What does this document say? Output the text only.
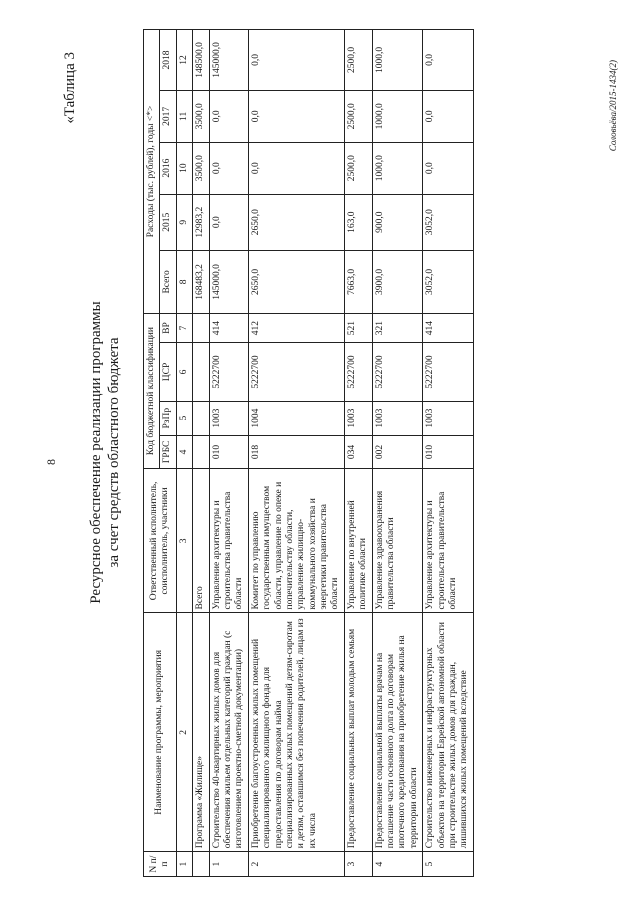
8
«Таблица 3
Ресурсное обеспечение реализации программы за счет средств областного бюджета
N п/п	Наименование программы, мероприятия	Ответственный исполнитель, соисполнитель, участники	Код бюджетной классификации				Расходы (тыс. рублей), годы <*>				
			ГРБС	РзПр	ЦСР	ВР	Всего	2015	2016	2017	2018
1	2	3	4	5	6	7	8	9	10	11	12
	Программа «Жилище»	Всего					168483,2	12983,2	3500,0	3500,0	148500,0
1	Строительство 40-квартирных жилых домов для обеспечения жильем отдельных категорий граждан (с изготовлением проектно-сметной документации)	Управление архитектуры и строительства правительства области	010	1003	5222700	414	145000,0	0,0	0,0	0,0	145000,0
2	Приобретение благоустроенных жилых помещений специализированного жилищного фонда для предоставления по договорам найма специализированных жилых помещений детям-сиротам и детям, оставшимся без попечения родителей, лицам из их числа	Комитет по управлению государственным имуществом области, управление по опеке и попечительству области, управление жилищно-коммунального хозяйства и энергетики правительства области	018	1004	5222700	412	2650,0	2650,0	0,0	0,0	0,0
3	Предоставление социальных выплат молодым семьям	Управление по внутренней политике области	034	1003	5222700	521	7663,0	163,0	2500,0	2500,0	2500,0
4	Предоставление социальной выплаты врачам на погашение части основного долга по договорам ипотечного кредитования на приобретение жилья на территории области	Управление здравоохранения правительства области	002	1003	5222700	321	3900,0	900,0	1000,0	1000,0	1000,0
5	Строительство инженерных и инфраструктурных объектов на территории Еврейской автономной области при строительстве жилых домов для граждан, лишившихся жилых помещений вследствие	Управление архитектуры и строительства правительства области	010	1003	5222700	414	3052,0	3052,0	0,0	0,0	0,0
Соловьёва/2015-1434(2)
